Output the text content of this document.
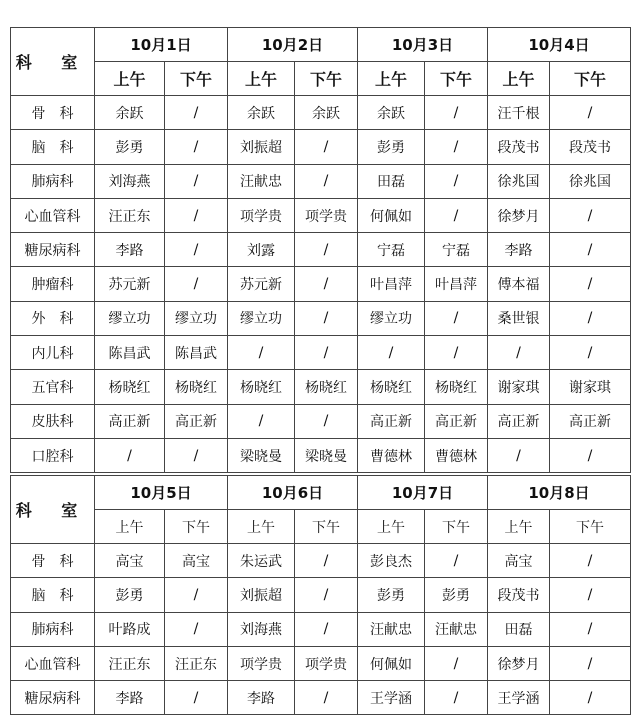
科 室	10月1日		10月2日		10月3日		10月4日	
	上午	下午	上午	下午	上午	下午	上午	下午
骨　科	余跃	/	余跃	余跃	余跃	/	汪千根	/
脑　科	彭勇	/	刘振超	/	彭勇	/	段茂书	段茂书
肺病科	刘海燕	/	汪献忠	/	田磊	/	徐兆国	徐兆国
心血管科	汪正东	/	项学贵	项学贵	何佩如	/	徐梦月	/
糖尿病科	李路	/	刘露	/	宁磊	宁磊	李路	/
肿瘤科	苏元新	/	苏元新	/	叶昌萍	叶昌萍	傅本福	/
外　科	缪立功	缪立功	缪立功	/	缪立功	/	桑世银	/
内儿科	陈昌武	陈昌武	/	/	/	/	/	/
五官科	杨晓红	杨晓红	杨晓红	杨晓红	杨晓红	杨晓红	谢家琪	谢家琪
皮肤科	高正新	高正新	/	/	高正新	高正新	高正新	高正新
口腔科	/	/	梁晓曼	梁晓曼	曹德林	曹德林	/	/
科 室	10月5日		10月6日		10月7日		10月8日	
	上午	下午	上午	下午	上午	下午	上午	下午
骨　科	高宝	高宝	朱运武	/	彭良杰	/	高宝	/
脑　科	彭勇	/	刘振超	/	彭勇	彭勇	段茂书	/
肺病科	叶路成	/	刘海燕	/	汪献忠	汪献忠	田磊	/
心血管科	汪正东	汪正东	项学贵	项学贵	何佩如	/	徐梦月	/
糖尿病科	李路	/	李路	/	王学涵	/	王学涵	/
